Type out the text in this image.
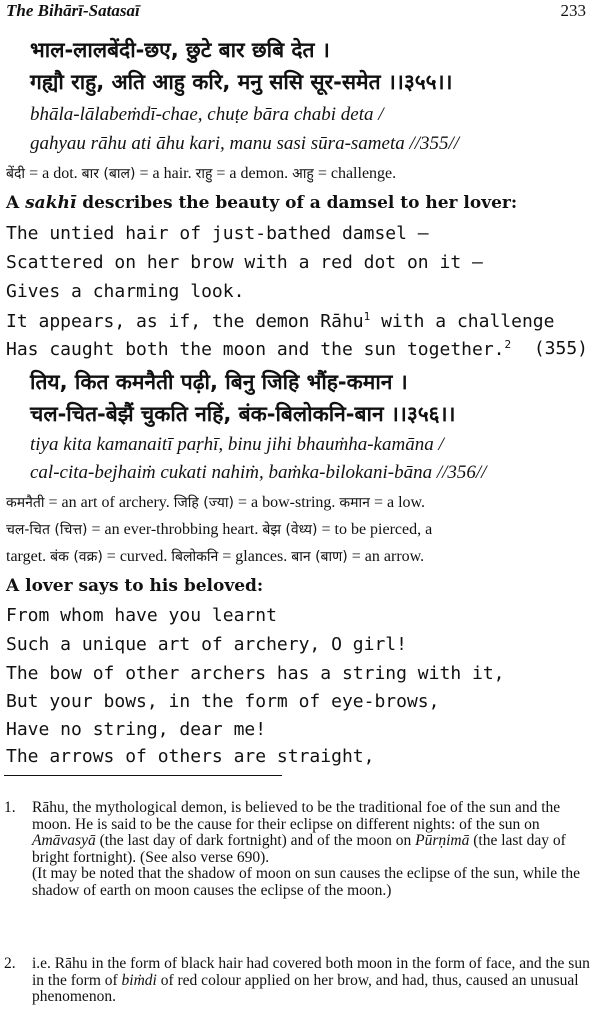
The Bihārī-Satasaī	233
भाल-लालबेंदी-छए, छुटे बार छबि देत ।
गह्यौ राहु, अति आहु करि, मनु ससि सूर-समेत ।।३५५।।
bhāla-lālabeṁdī-chae, chuṭe bāra chabi deta /
gahyau rāhu ati āhu kari, manu sasi sūra-sameta //355//
बेंदी = a dot. बार (बाल) = a hair. राहु = a demon. आहु = challenge.
A sakhī describes the beauty of a damsel to her lover:
The untied hair of just-bathed damsel —
Scattered on her brow with a red dot on it —
Gives a charming look.
It appears, as if, the demon Rāhu$^1$ with a challenge
Has caught both the moon and the sun together.$^2$ (355)
तिय, कित कमनैती पढ़ी, बिनु जिहि भौंह-कमान ।
चल-चित-बेझैं चुकति नहिं, बंक-बिलोकनि-बान ।।३५६।।
tiya kita kamanaitī paṛhī, binu jihi bhauṁha-kamāna /
cal-cita-bejhaiṁ cukati nahiṁ, baṁka-bilokani-bāna //356//
कमनैती = an art of archery. जिहि (ज्या) = a bow-string. कमान = a low.
चल-चित (चित्त) = an ever-throbbing heart. बेझ (वेध्य) = to be pierced, a
target. बंक (वक्र) = curved. बिलोकनि = glances. बान (बाण) = an arrow.
A lover says to his beloved:
From whom have you learnt
Such a unique art of archery, O girl!
The bow of other archers has a string with it,
But your bows, in the form of eye-brows,
Have no string, dear me!
The arrows of others are straight,
1. Rāhu, the mythological demon, is believed to be the traditional foe of the sun and the moon. He is said to be the cause for their eclipse on different nights: of the sun on Amāvasyā (the last day of dark fortnight) and of the moon on Pūrṇimā (the last day of bright fortnight). (See also verse 690).
(It may be noted that the shadow of moon on sun causes the eclipse of the sun, while the shadow of earth on moon causes the eclipse of the moon.)
2. i.e. Rāhu in the form of black hair had covered both moon in the form of face, and the sun in the form of biṁdi of red colour applied on her brow, and had, thus, caused an unusual phenomenon.
